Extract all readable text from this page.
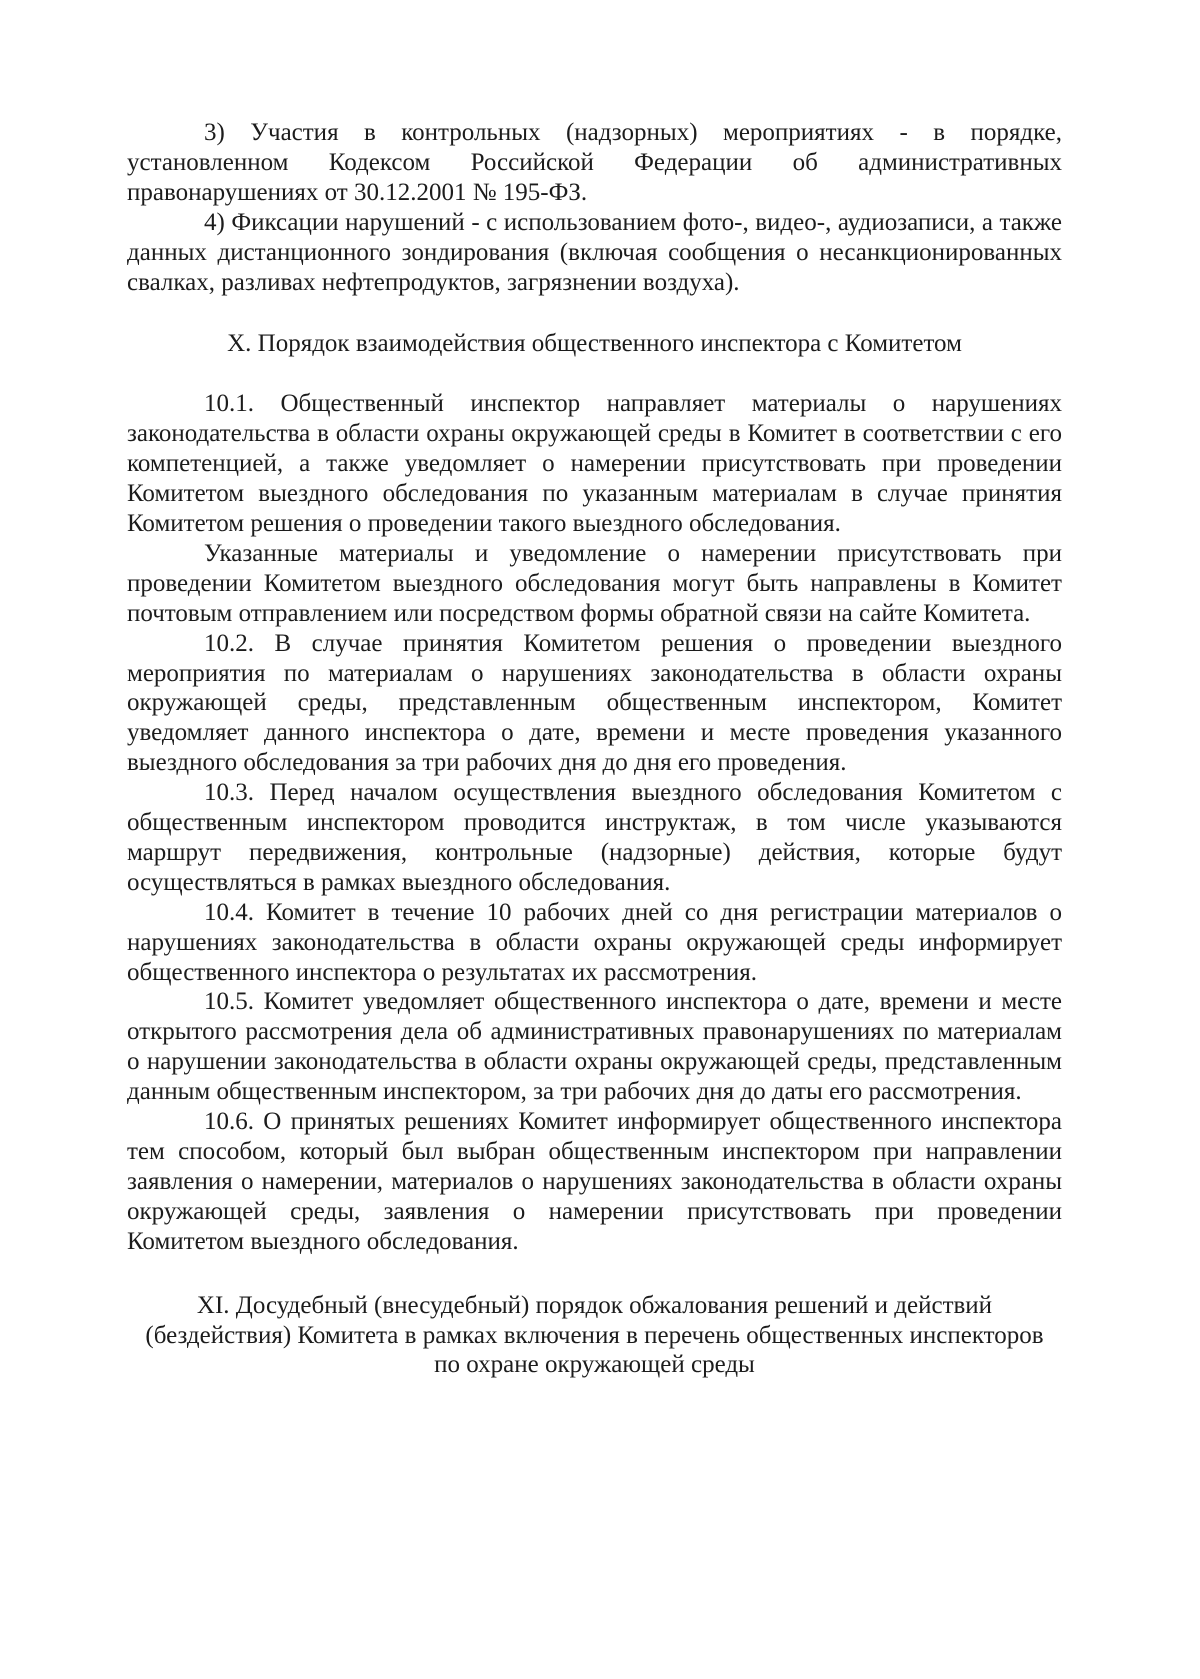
3) Участия в контрольных (надзорных) мероприятиях - в порядке, установленном Кодексом Российской Федерации об административных правонарушениях от 30.12.2001 № 195-ФЗ.

4) Фиксации нарушений - с использованием фото-, видео-, аудиозаписи, а также данных дистанционного зондирования (включая сообщения о несанкционированных свалках, разливах нефтепродуктов, загрязнении воздуха).

X. Порядок взаимодействия общественного инспектора с Комитетом

10.1. Общественный инспектор направляет материалы о нарушениях законодательства в области охраны окружающей среды в Комитет в соответствии с его компетенцией, а также уведомляет о намерении присутствовать при проведении Комитетом выездного обследования по указанным материалам в случае принятия Комитетом решения о проведении такого выездного обследования.

Указанные материалы и уведомление о намерении присутствовать при проведении Комитетом выездного обследования могут быть направлены в Комитет почтовым отправлением или посредством формы обратной связи на сайте Комитета.

10.2. В случае принятия Комитетом решения о проведении выездного мероприятия по материалам о нарушениях законодательства в области охраны окружающей среды, представленным общественным инспектором, Комитет уведомляет данного инспектора о дате, времени и месте проведения указанного выездного обследования за три рабочих дня до дня его проведения.

10.3. Перед началом осуществления выездного обследования Комитетом с общественным инспектором проводится инструктаж, в том числе указываются маршрут передвижения, контрольные (надзорные) действия, которые будут осуществляться в рамках выездного обследования.

10.4. Комитет в течение 10 рабочих дней со дня регистрации материалов о нарушениях законодательства в области охраны окружающей среды информирует общественного инспектора о результатах их рассмотрения.

10.5. Комитет уведомляет общественного инспектора о дате, времени и месте открытого рассмотрения дела об административных правонарушениях по материалам о нарушении законодательства в области охраны окружающей среды, представленным данным общественным инспектором, за три рабочих дня до даты его рассмотрения.

10.6. О принятых решениях Комитет информирует общественного инспектора тем способом, который был выбран общественным инспектором при направлении заявления о намерении, материалов о нарушениях законодательства в области охраны окружающей среды, заявления о намерении присутствовать при проведении Комитетом выездного обследования.

XI. Досудебный (внесудебный) порядок обжалования решений и действий

(бездействия) Комитета в рамках включения в перечень общественных инспекторов

по охране окружающей среды
